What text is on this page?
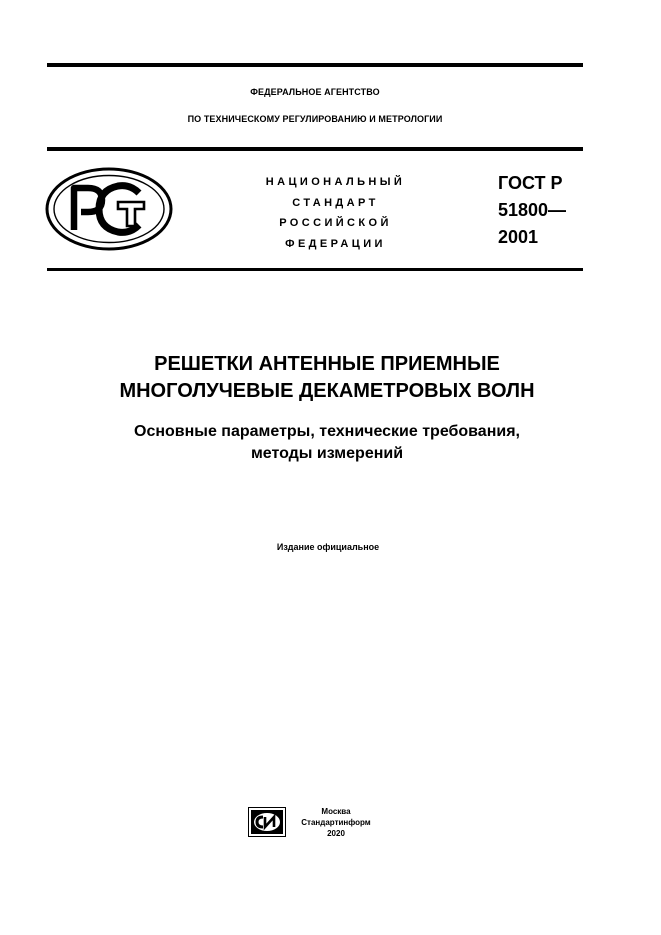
ФЕДЕРАЛЬНОЕ АГЕНТСТВО
ПО ТЕХНИЧЕСКОМУ РЕГУЛИРОВАНИЮ И МЕТРОЛОГИИ
НАЦИОНАЛЬНЫЙ
СТАНДАРТ
РОССИЙСКОЙ
ФЕДЕРАЦИИ
ГОСТ Р
51800—
2001
РЕШЕТКИ АНТЕННЫЕ ПРИЕМНЫЕ
МНОГОЛУЧЕВЫЕ ДЕКАМЕТРОВЫХ ВОЛН
Основные параметры, технические требования,
методы измерений
Издание официальное
Москва
Стандартинформ
2020
